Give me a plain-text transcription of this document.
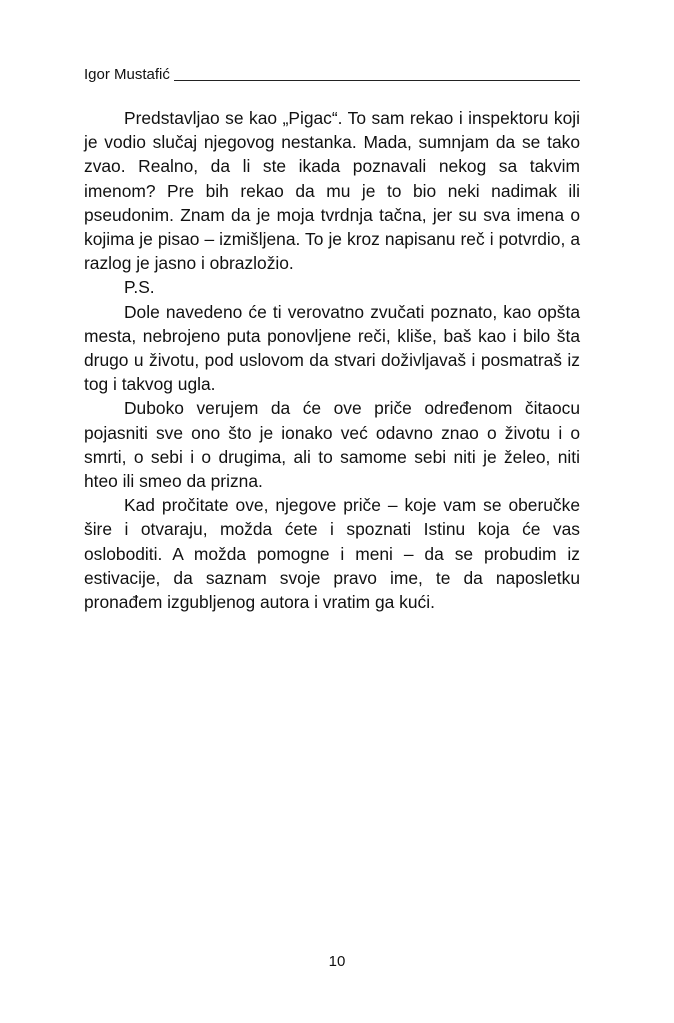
Igor Mustafić

Predstavljao se kao „Pigac“. To sam rekao i inspektoru koji je vodio slučaj njegovog nestanka. Mada, sumnjam da se tako zvao. Realno, da li ste ikada poznavali nekog sa takvim imenom? Pre bih rekao da mu je to bio neki nadimak ili pseudonim. Znam da je moja tvrdnja tačna, jer su sva imena o kojima je pisao – izmišljena. To je kroz napisanu reč i potvrdio, a razlog je jasno i obrazložio.

P.S.

Dole navedeno će ti verovatno zvučati poznato, kao opšta mesta, nebrojeno puta ponovljene reči, kliše, baš kao i bilo šta drugo u životu, pod uslovom da stvari doživljavaš i posmatraš iz tog i takvog ugla.

Duboko verujem da će ove priče određenom čitaocu pojasniti sve ono što je ionako već odavno znao o životu i o smrti, o sebi i o drugima, ali to samome sebi niti je želeo, niti hteo ili smeo da prizna.

Kad pročitate ove, njegove priče – koje vam se oberučke šire i otvaraju, možda ćete i spoznati Istinu koja će vas osloboditi. A možda pomogne i meni – da se probudim iz estivacije, da saznam svoje pravo ime, te da naposletku pronađem izgubljenog autora i vratim ga kući.

10
